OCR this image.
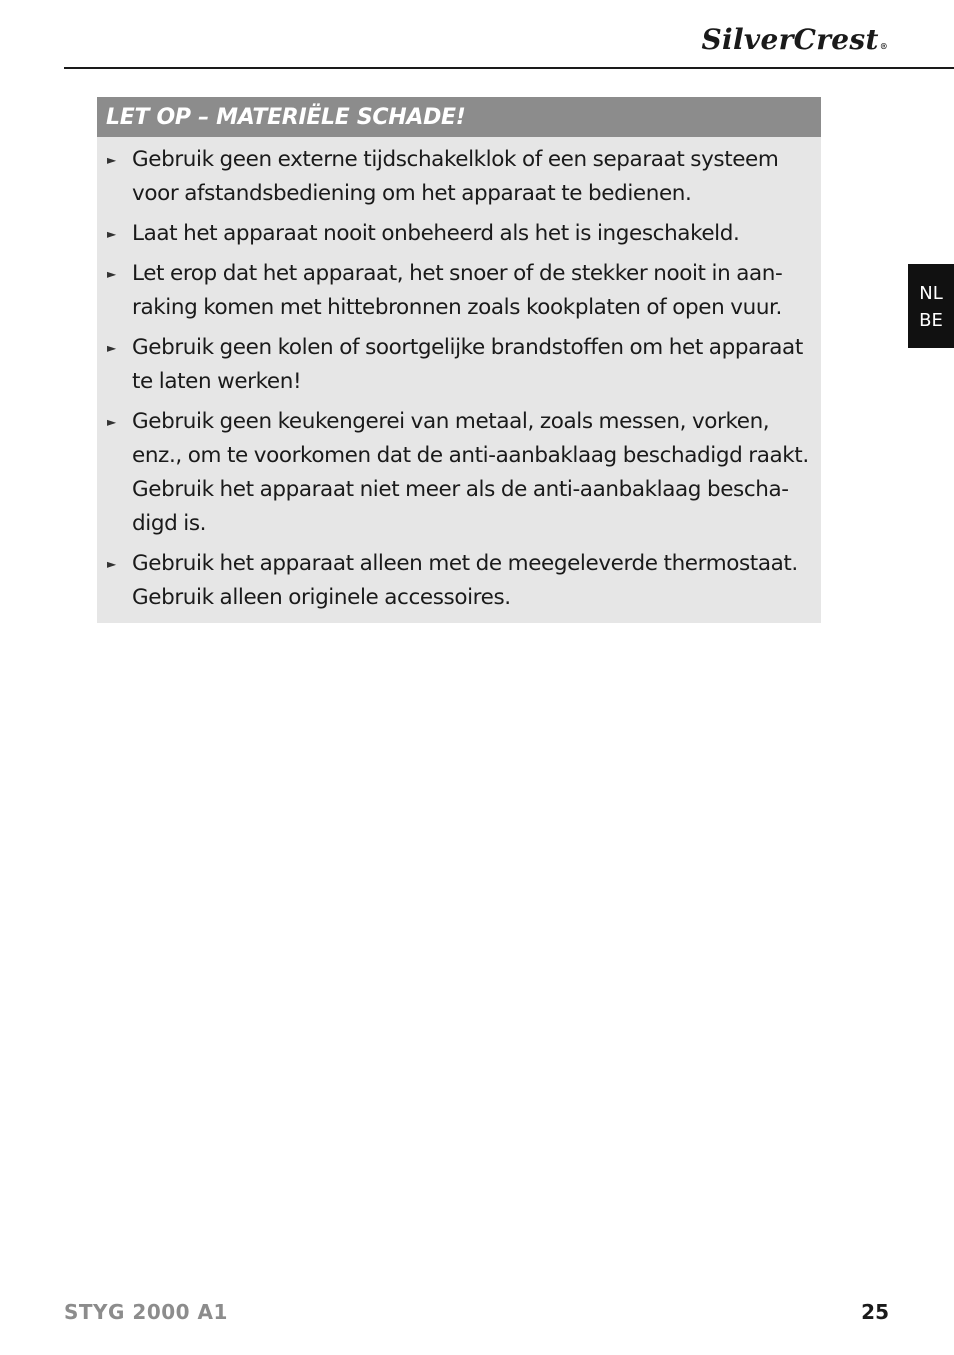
SilverCrest®
LET OP – MATERIËLE SCHADE!
► Gebruik geen externe tijdschakelklok of een separaat systeem voor afstandsbediening om het apparaat te bedienen.
► Laat het apparaat nooit onbeheerd als het is ingeschakeld.
► Let erop dat het apparaat, het snoer of de stekker nooit in aan-raking komen met hittebronnen zoals kookplaten of open vuur.
► Gebruik geen kolen of soortgelijke brandstoffen om het apparaat te laten werken!
► Gebruik geen keukengerei van metaal, zoals messen, vorken, enz., om te voorkomen dat de anti-aanbaklaag beschadigd raakt. Gebruik het apparaat niet meer als de anti-aanbaklaag bescha-digd is.
► Gebruik het apparaat alleen met de meegeleverde thermostaat. Gebruik alleen originele accessoires.
NL
BE
STYG 2000 A1	25
